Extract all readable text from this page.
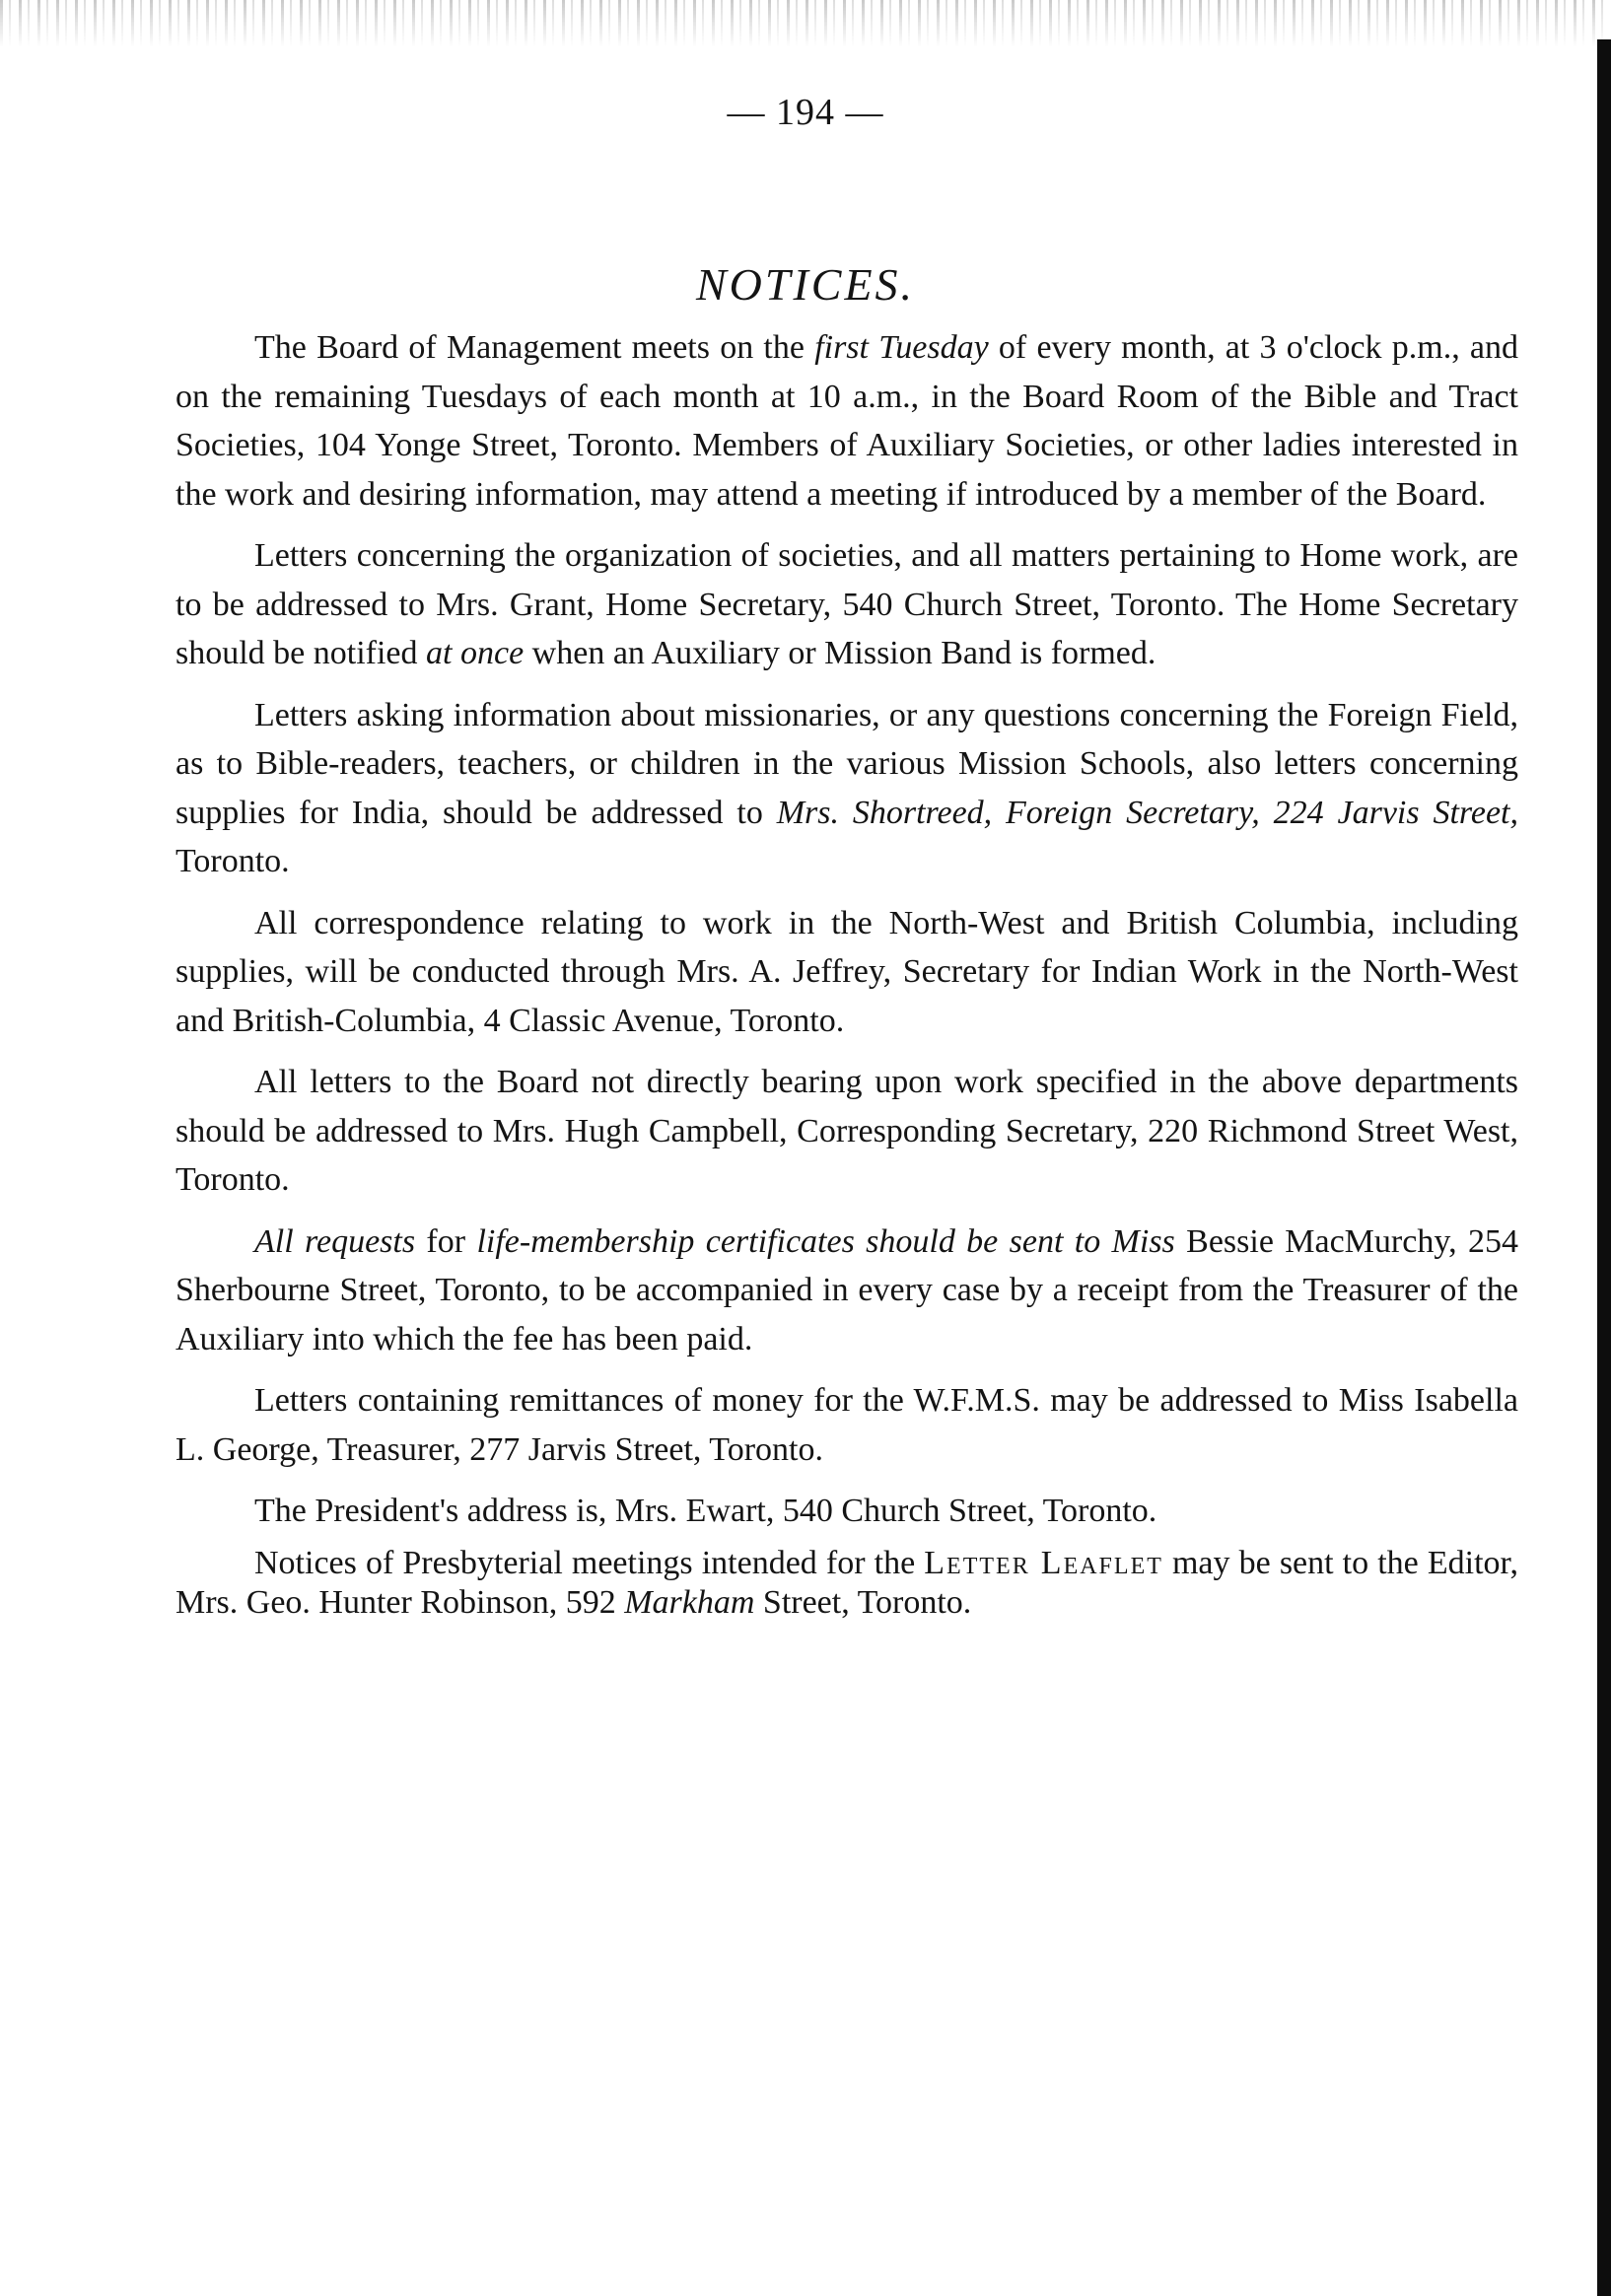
— 194 —
NOTICES.

The Board of Management meets on the first Tuesday of every month, at 3 o'clock p.m., and on the remaining Tuesdays of each month at 10 a.m., in the Board Room of the Bible and Tract Societies, 104 Yonge Street, Toronto. Members of Auxiliary Societies, or other ladies interested in the work and desiring information, may attend a meeting if introduced by a member of the Board.

Letters concerning the organization of societies, and all matters pertaining to Home work, are to be addressed to Mrs. Grant, Home Secretary, 540 Church Street, Toronto. The Home Secretary should be notified at once when an Auxiliary or Mission Band is formed.

Letters asking information about missionaries, or any questions concerning the Foreign Field, as to Bible-readers, teachers, or children in the various Mission Schools, also letters concerning supplies for India, should be addressed to Mrs. Shortreed, Foreign Secretary, 224 Jarvis Street, Toronto.

All correspondence relating to work in the North-West and British Columbia, including supplies, will be conducted through Mrs. A. Jeffrey, Secretary for Indian Work in the North-West and British-Columbia, 4 Classic Avenue, Toronto.

All letters to the Board not directly bearing upon work specified in the above departments should be addressed to Mrs. Hugh Campbell, Corresponding Secretary, 220 Richmond Street West, Toronto.

All requests for life-membership certificates should be sent to Miss Bessie MacMurchy, 254 Sherbourne Street, Toronto, to be accompanied in every case by a receipt from the Treasurer of the Auxiliary into which the fee has been paid.

Letters containing remittances of money for the W.F.M.S. may be addressed to Miss Isabella L. George, Treasurer, 277 Jarvis Street, Toronto.

The President's address is, Mrs. Ewart, 540 Church Street, Toronto.

Notices of Presbyterial meetings intended for the Letter Leaflet may be sent to the Editor, Mrs. Geo. Hunter Robinson, 592 Markham Street, Toronto.
